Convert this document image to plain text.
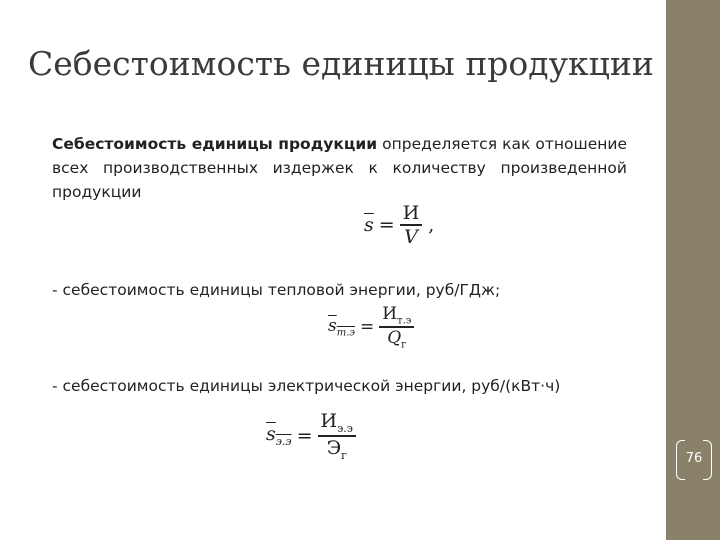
Себестоимость единицы продукции
Себестоимость единицы продукции определяется как отношение всех производственных издержек к количеству произведенной продукции
$\overline{s} = \frac{И}{V}$ ,
- себестоимость единицы тепловой энергии, руб/ГДж;
$s_{т.э} = \frac{И_{т.э}}{Q_г}$
- себестоимость единицы электрической энергии, руб/(кВт·ч)
$s_{э.э} = \frac{И_{э.э}}{Э_г}$	76
